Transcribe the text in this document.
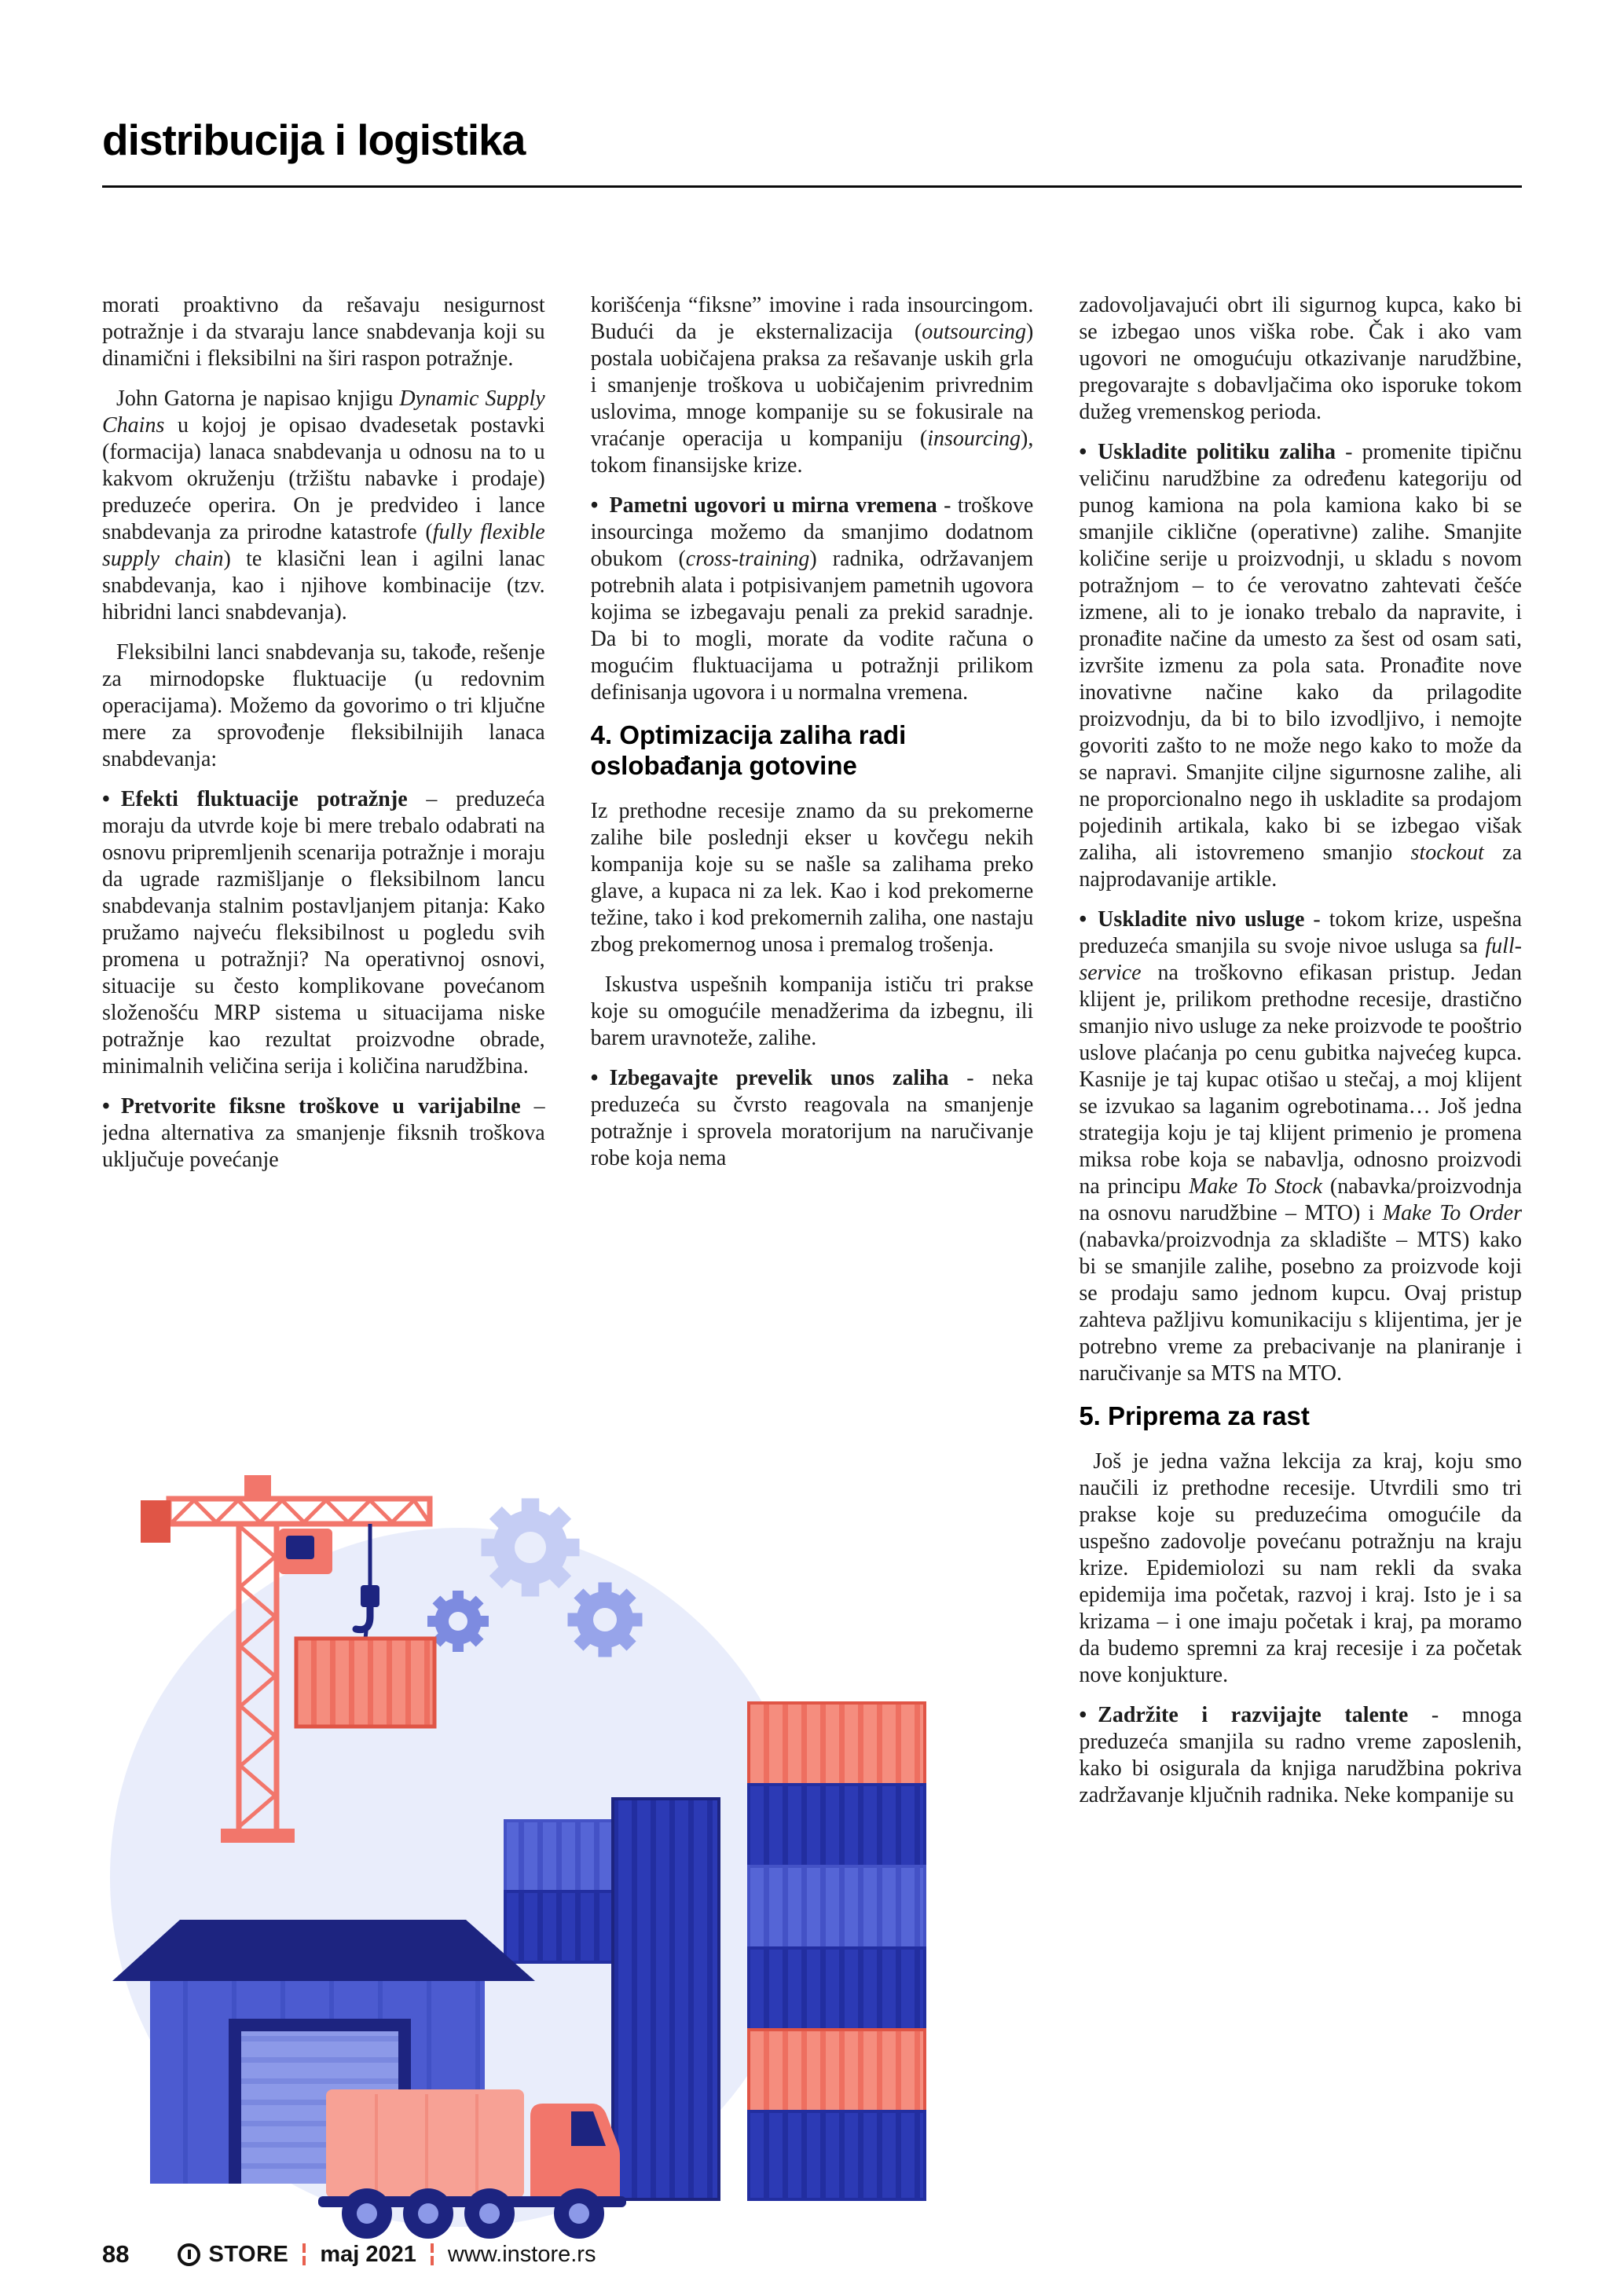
distribucija i logistika

morati proaktivno da rešavaju nesigurnost potražnje i da stvaraju lance snabdevanja koji su dinamični i fleksibilni na širi raspon potražnje.

John Gatorna je napisao knjigu Dynamic Supply Chains u kojoj je opisao dvadesetak postavki (formacija) lanaca snabdevanja u odnosu na to u kakvom okruženju (tržištu nabavke i prodaje) preduzeće operira. On je predvideo i lance snabdevanja za prirodne katastrofe (fully flexible supply chain) te klasični lean i agilni lanac snabdevanja, kao i njihove kombinacije (tzv. hibridni lanci snabdevanja).

Fleksibilni lanci snabdevanja su, takođe, rešenje za mirnodopske fluktuacije (u redovnim operacijama). Možemo da govorimo o tri ključne mere za sprovođenje fleksibilnijih lanaca snabdevanja:

• Efekti fluktuacije potražnje – preduzeća moraju da utvrde koje bi mere trebalo odabrati na osnovu pripremljenih scenarija potražnje i moraju da ugrade razmišljanje o fleksibilnom lancu snabdevanja stalnim postavljanjem pitanja: Kako pružamo najveću fleksibilnost u pogledu svih promena u potražnji? Na operativnoj osnovi, situacije su često komplikovane povećanom složenošću MRP sistema u situacijama niske potražnje kao rezultat proizvodne obrade, minimalnih veličina serija i količina narudžbina.

• Pretvorite fiksne troškove u varijabilne – jedna alternativa za smanjenje fiksnih troškova uključuje povećanje

korišćenja “fiksne” imovine i rada insourcingom. Budući da je eksternalizacija (outsourcing) postala uobičajena praksa za rešavanje uskih grla i smanjenje troškova u uobičajenim privrednim uslovima, mnoge kompanije su se fokusirale na vraćanje operacija u kompaniju (insourcing), tokom finansijske krize.

• Pametni ugovori u mirna vremena - troškove insourcinga možemo da smanjimo dodatnom obukom (cross-training) radnika, održavanjem potrebnih alata i potpisivanjem pametnih ugovora kojima se izbegavaju penali za prekid saradnje. Da bi to mogli, morate da vodite računa o mogućim fluktuacijama u potražnji prilikom definisanja ugovora i u normalna vremena.

4. Optimizacija zaliha radi oslobađanja gotovine

Iz prethodne recesije znamo da su prekomerne zalihe bile poslednji ekser u kovčegu nekih kompanija koje su se našle sa zalihama preko glave, a kupaca ni za lek. Kao i kod prekomerne težine, tako i kod prekomernih zaliha, one nastaju zbog prekomernog unosa i premalog trošenja.

Iskustva uspešnih kompanija ističu tri prakse koje su omogućile menadžerima da izbegnu, ili barem uravnoteže, zalihe.

• Izbegavajte prevelik unos zaliha - neka preduzeća su čvrsto reagovala na smanjenje potražnje i sprovela moratorijum na naručivanje robe koja nema

zadovoljavajući obrt ili sigurnog kupca, kako bi se izbegao unos viška robe. Čak i ako vam ugovori ne omogućuju otkazivanje narudžbine, pregovarajte s dobavljačima oko isporuke tokom dužeg vremenskog perioda.

• Uskladite politiku zaliha - promenite tipičnu veličinu narudžbine za određenu kategoriju od punog kamiona na pola kamiona kako bi se smanjile ciklične (operativne) zalihe. Smanjite količine serije u proizvodnji, u skladu s novom potražnjom – to će verovatno zahtevati češće izmene, ali to je ionako trebalo da napravite, i pronađite načine da umesto za šest od osam sati, izvršite izmenu za pola sata. Pronađite nove inovativne načine kako da prilagodite proizvodnju, da bi to bilo izvodljivo, i nemojte govoriti zašto to ne može nego kako to može da se napravi. Smanjite ciljne sigurnosne zalihe, ali ne proporcionalno nego ih uskladite sa prodajom pojedinih artikala, kako bi se izbegao višak zaliha, ali istovremeno smanjio stockout za najprodavanije artikle.

• Uskladite nivo usluge - tokom krize, uspešna preduzeća smanjila su svoje nivoe usluga sa full-service na troškovno efikasan pristup. Jedan klijent je, prilikom prethodne recesije, drastično smanjio nivo usluge za neke proizvode te pooštrio uslove plaćanja po cenu gubitka najvećeg kupca. Kasnije je taj kupac otišao u stečaj, a moj klijent se izvukao sa laganim ogrebotinama… Još jedna strategija koju je taj klijent primenio je promena miksa robe koja se nabavlja, odnosno proizvodi na principu Make To Stock (nabavka/proizvodnja na osnovu narudžbine – MTO) i Make To Order (nabavka/proizvodnja za skladište – MTS) kako bi se smanjile zalihe, posebno za proizvode koji se prodaju samo jednom kupcu. Ovaj pristup zahteva pažljivu komunikaciju s klijentima, jer je potrebno vreme za prebacivanje na planiranje i naručivanje sa MTS na MTO.

5. Priprema za rast

Još je jedna važna lekcija za kraj, koju smo naučili iz prethodne recesije. Utvrdili smo tri prakse koje su preduzećima omogućile da uspešno zadovolje povećanu potražnju na kraju krize. Epidemiolozi su nam rekli da svaka epidemija ima početak, razvoj i kraj. Isto je i sa krizama – i one imaju početak i kraj, pa moramo da budemo spremni za kraj recesije i za početak nove konjukture.

• Zadržite i razvijajte talente - mnoga preduzeća smanjila su radno vreme zaposlenih, kako bi osigurala da knjiga narudžbina pokriva zadržavanje ključnih radnika. Neke kompanije su

88	STORE maj 2021 www.instore.rs
